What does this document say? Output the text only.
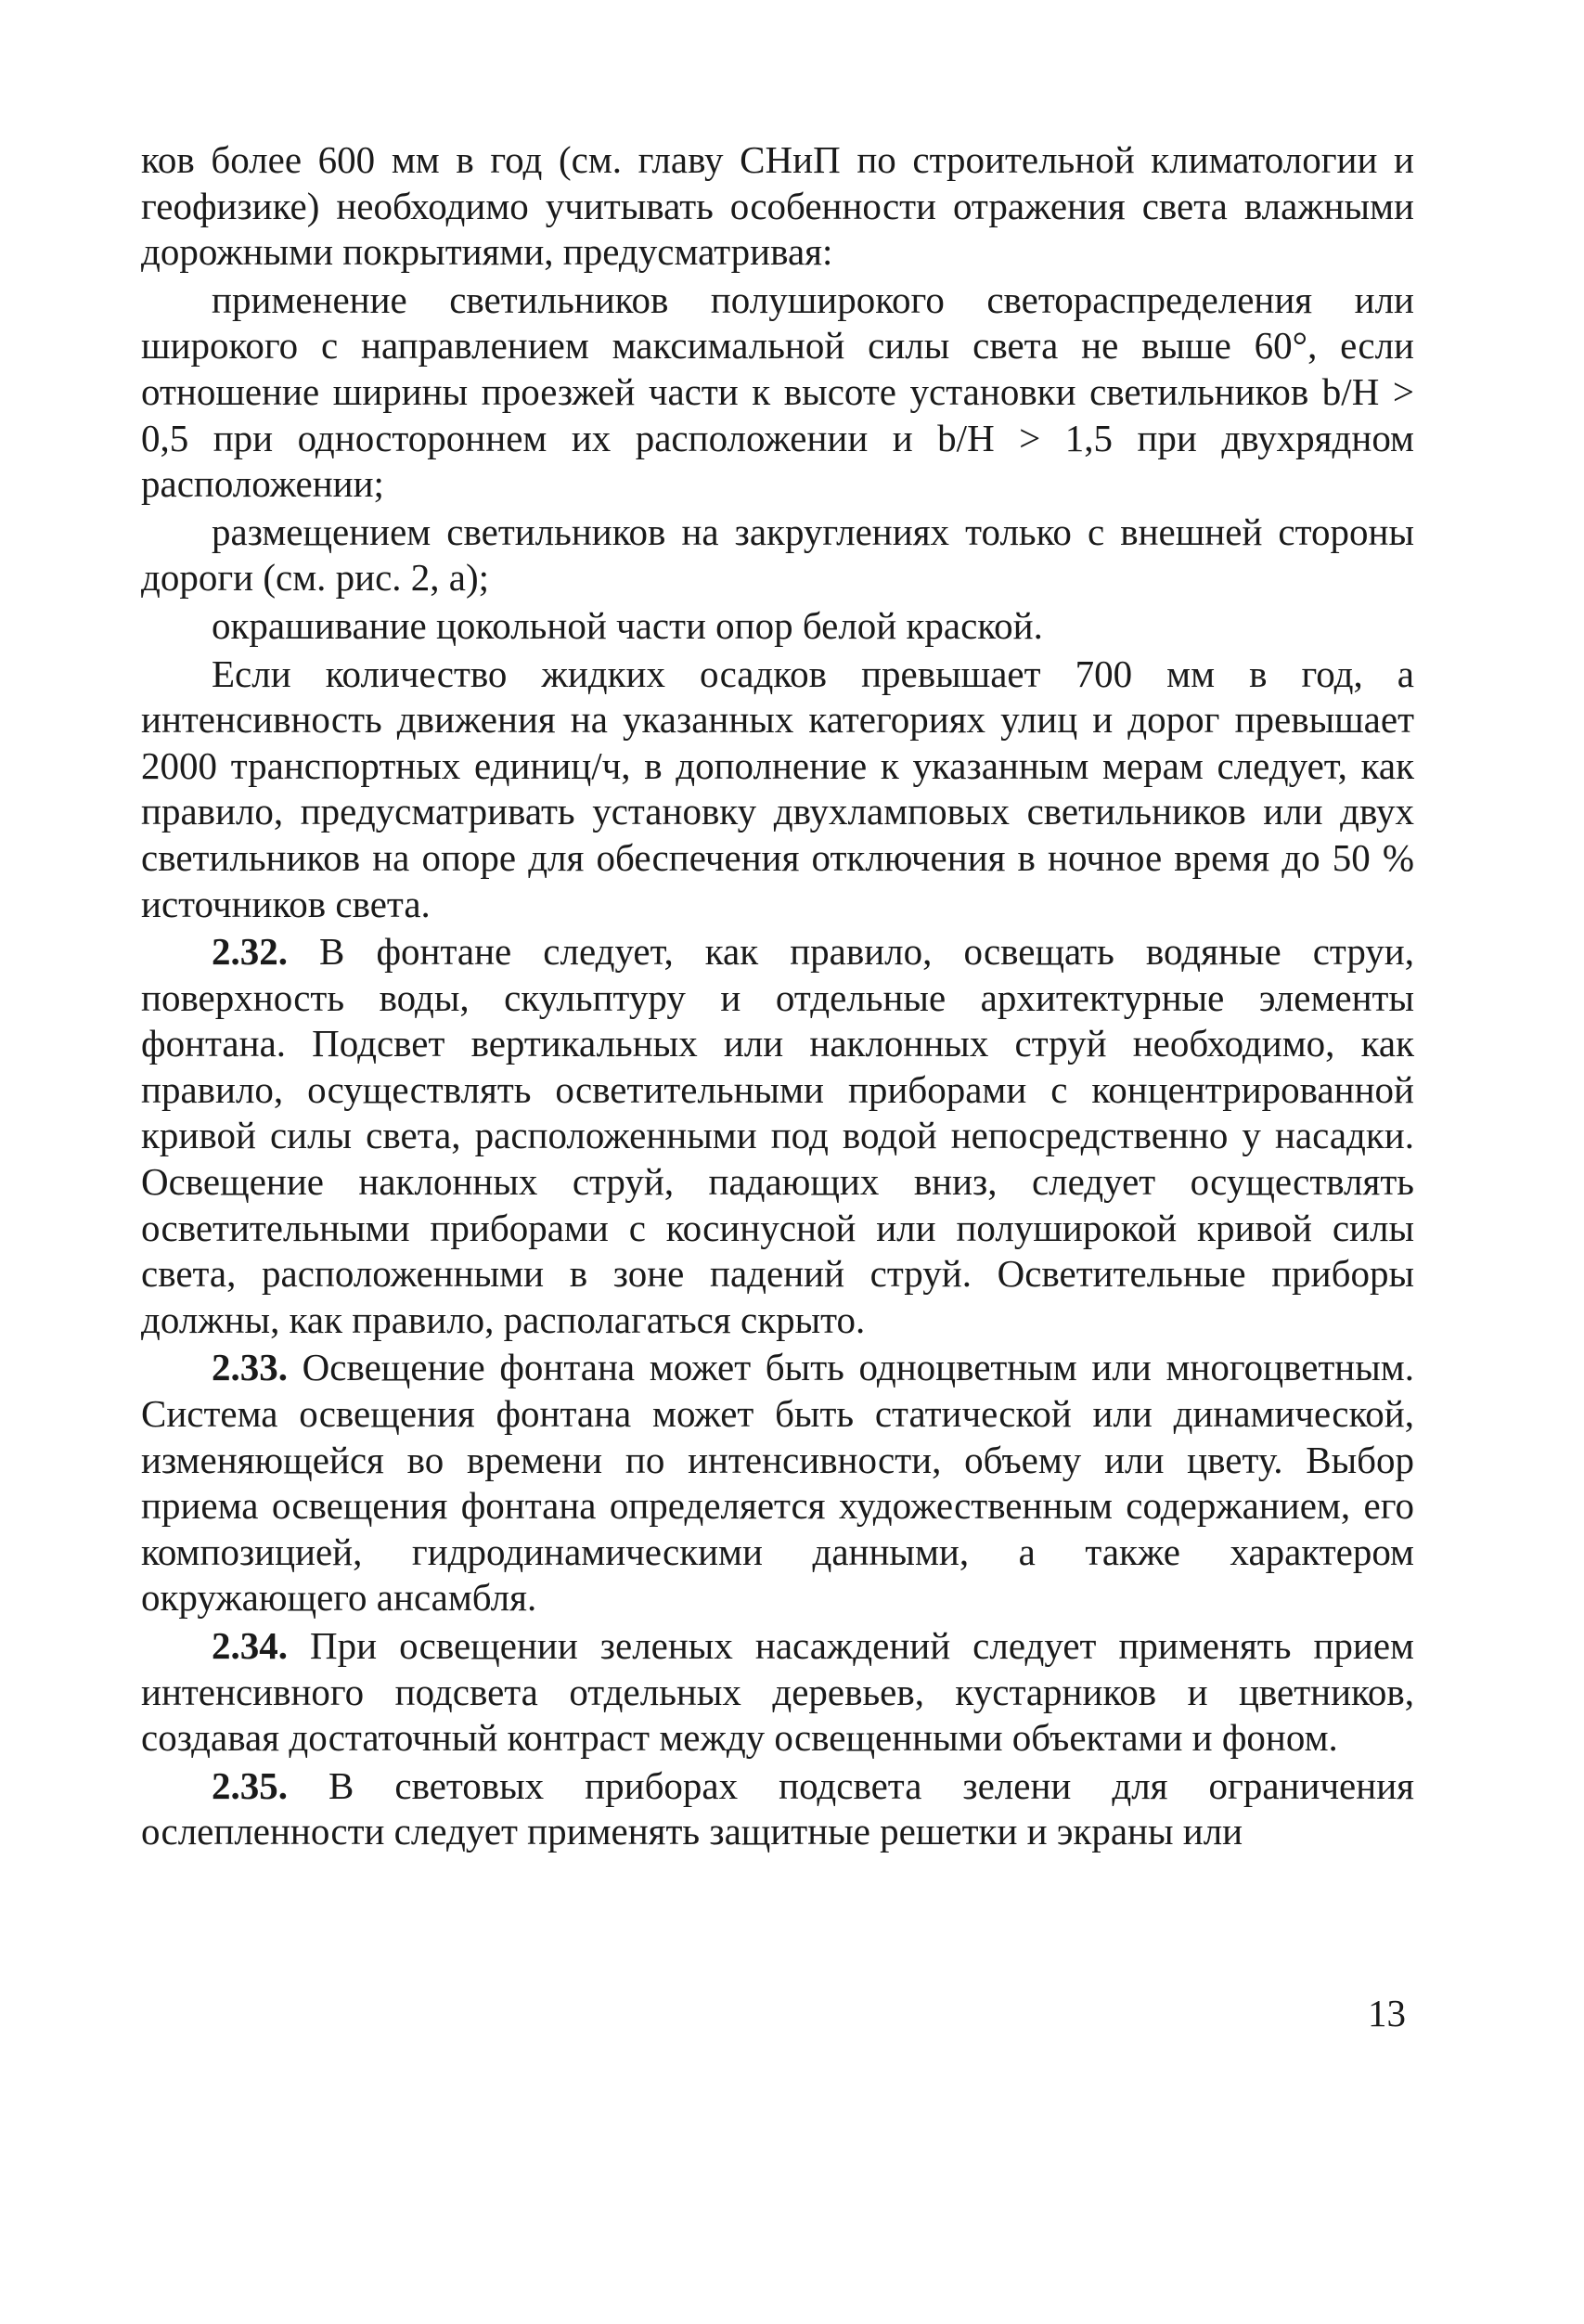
ков более 600 мм в год (см. главу СНиП по строительной климатологии и геофизике) необходимо учитывать особенности отражения света влажными дорожными покрытиями, предусматривая:

применение светильников полуширокого светораспределения или широкого с направлением максимальной силы света не выше 60°, если отношение ширины проезжей части к высоте установки светильников b/H > 0,5 при одностороннем их расположении и b/H > 1,5 при двухрядном расположении;

размещением светильников на закруглениях только с внешней стороны дороги (см. рис. 2, а);

окрашивание цокольной части опор белой краской.

Если количество жидких осадков превышает 700 мм в год, а интенсивность движения на указанных категориях улиц и дорог превышает 2000 транспортных единиц/ч, в дополнение к указанным мерам следует, как правило, предусматривать установку двухламповых светильников или двух светильников на опоре для обеспечения отключения в ночное время до 50 % источников света.

2.32. В фонтане следует, как правило, освещать водяные струи, поверхность воды, скульптуру и отдельные архитектурные элементы фонтана. Подсвет вертикальных или наклонных струй необходимо, как правило, осуществлять осветительными приборами с концентрированной кривой силы света, расположенными под водой непосредственно у насадки. Освещение наклонных струй, падающих вниз, следует осуществлять осветительными приборами с косинусной или полуширокой кривой силы света, расположенными в зоне падений струй. Осветительные приборы должны, как правило, располагаться скрыто.

2.33. Освещение фонтана может быть одноцветным или многоцветным. Система освещения фонтана может быть статической или динамической, изменяющейся во времени по интенсивности, объему или цвету. Выбор приема освещения фонтана определяется художественным содержанием, его композицией, гидродинамическими данными, а также характером окружающего ансамбля.

2.34. При освещении зеленых насаждений следует применять прием интенсивного подсвета отдельных деревьев, кустарников и цветников, создавая достаточный контраст между освещенными объектами и фоном.

2.35. В световых приборах подсвета зелени для ограничения ослепленности следует применять защитные решетки и экраны или

13
